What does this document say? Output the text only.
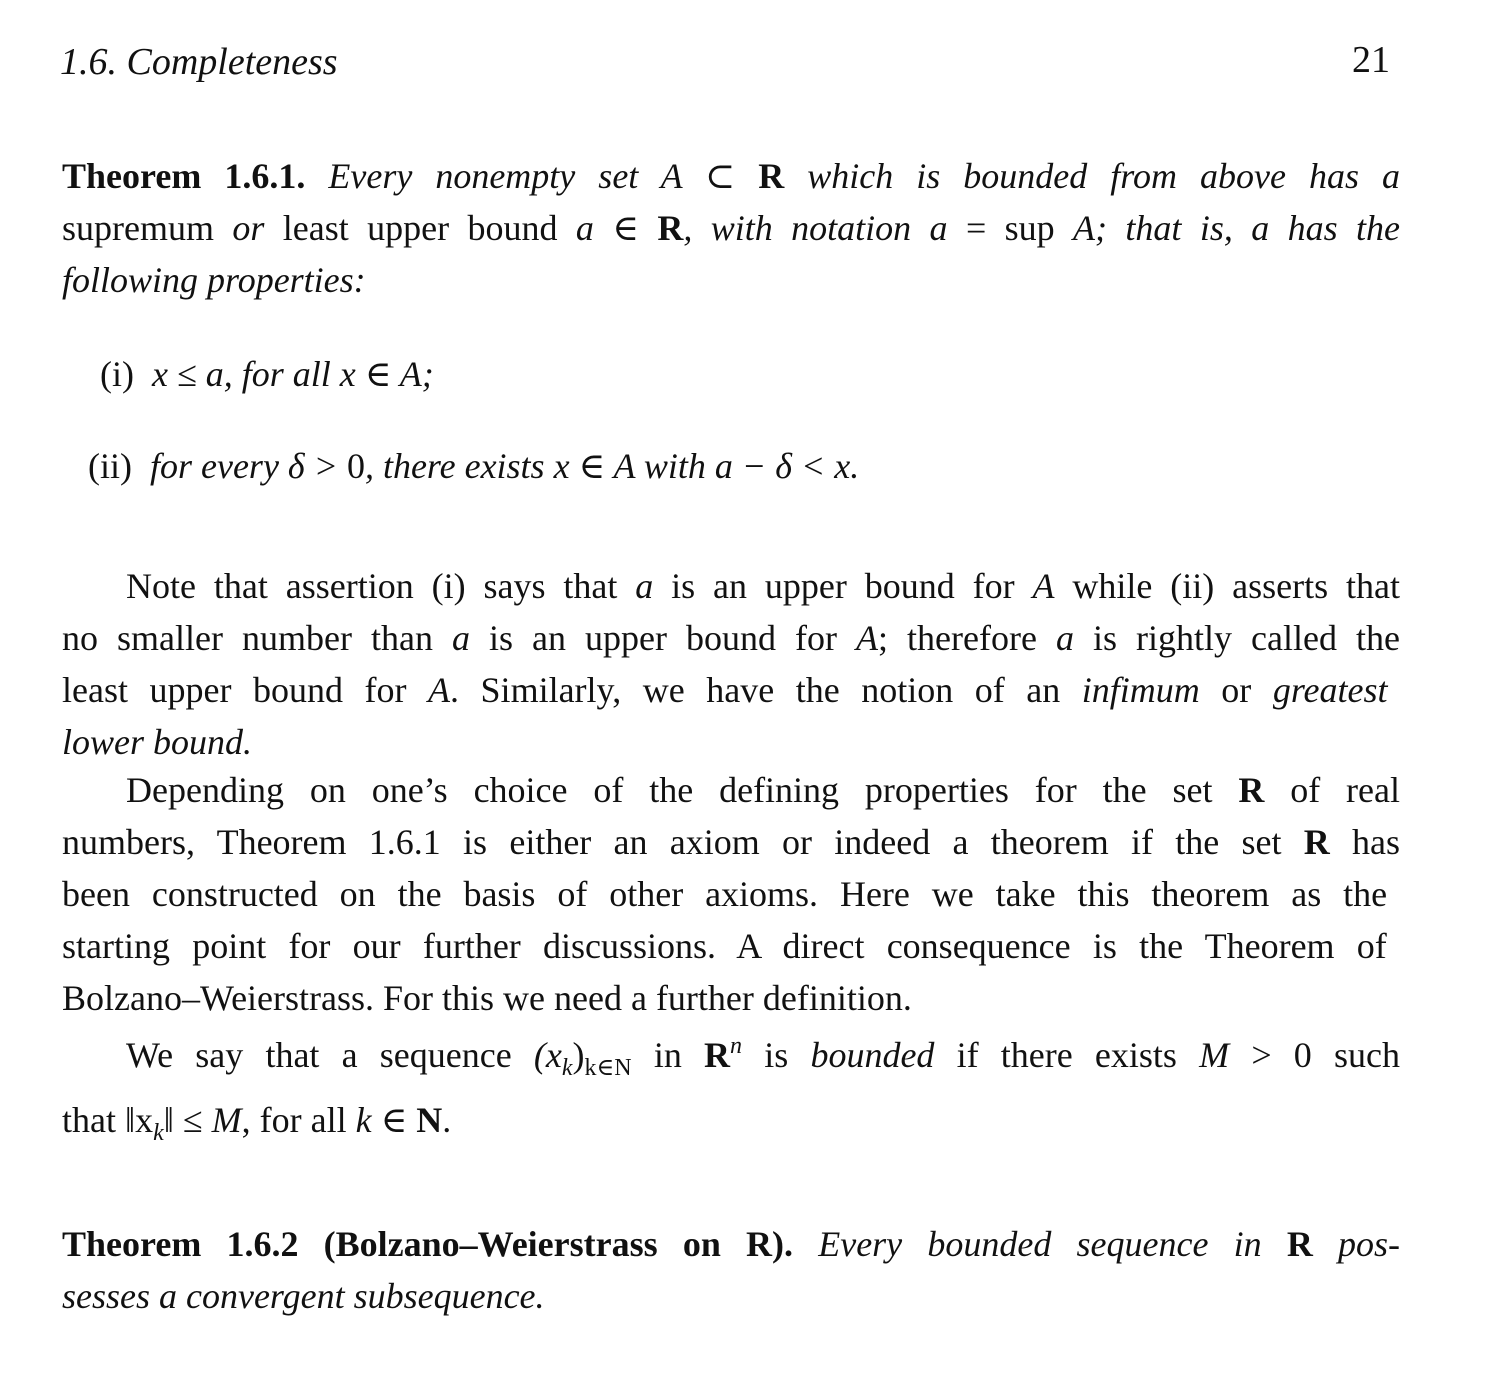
1.6. Completeness	21
Theorem 1.6.1. Every nonempty set A ⊂ R which is bounded from above has a
supremum or least upper bound a ∈ R, with notation a = sup A; that is, a has the
following properties:
(i) x ≤ a, for all x ∈ A;
(ii) for every δ > 0, there exists x ∈ A with a − δ < x.
Note that assertion (i) says that a is an upper bound for A while (ii) asserts that
no smaller number than a is an upper bound for A; therefore a is rightly called the
least upper bound for A. Similarly, we have the notion of an infimum or greatest
lower bound.
Depending on one’s choice of the defining properties for the set R of real
numbers, Theorem 1.6.1 is either an axiom or indeed a theorem if the set R has
been constructed on the basis of other axioms. Here we take this theorem as the
starting point for our further discussions. A direct consequence is the Theorem of
Bolzano–Weierstrass. For this we need a further definition.
We say that a sequence $(x_k)_{k\in N}$ in $R^n$ is bounded if there exists M > 0 such
that $‖x_k‖ \le M$, for all k ∈ N.
Theorem 1.6.2 (Bolzano–Weierstrass on R). Every bounded sequence in R pos-
sesses a convergent subsequence.
